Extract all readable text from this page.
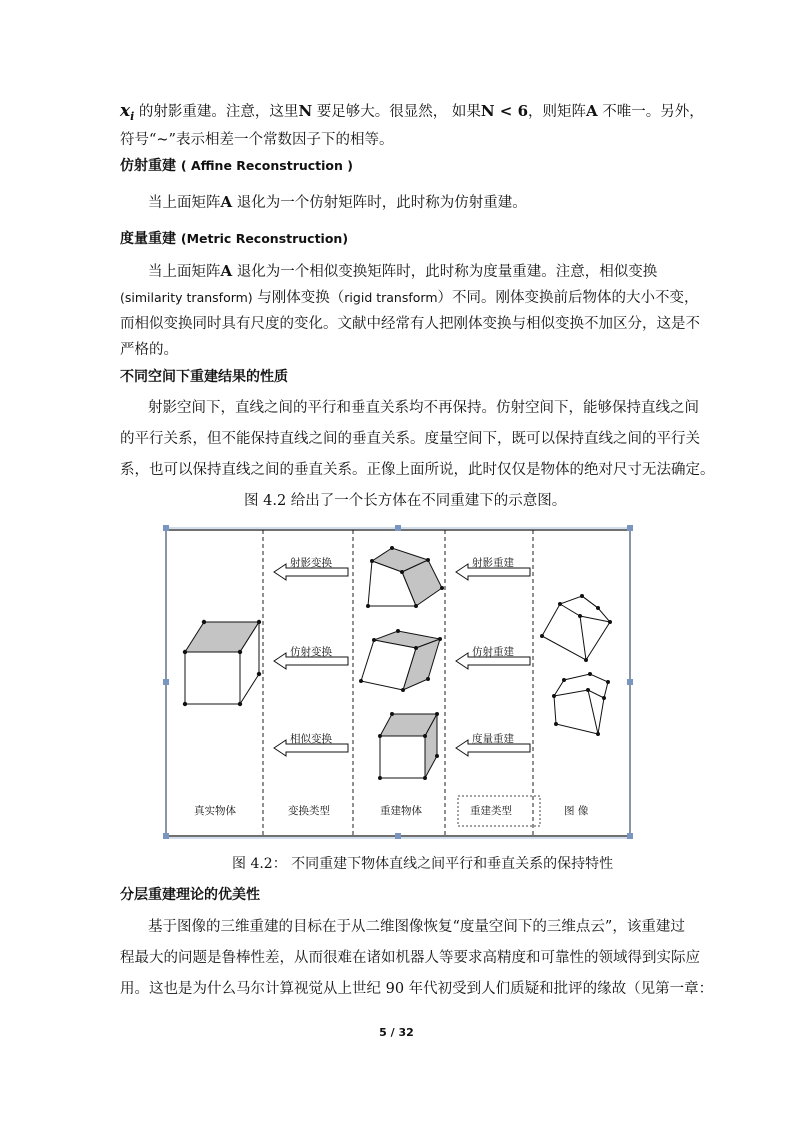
$x_i$ 的射影重建。注意，这里N 要足够大。很显然， 如果N < 6，则矩阵A 不唯一。另外，
符号“~”表示相差一个常数因子下的相等。
仿射重建 ( Affine Reconstruction )
当上面矩阵A 退化为一个仿射矩阵时，此时称为仿射重建。
度量重建 (Metric Reconstruction)
当上面矩阵A 退化为一个相似变换矩阵时，此时称为度量重建。注意，相似变换
(similarity transform) 与刚体变换（rigid transform）不同。刚体变换前后物体的大小不变，
而相似变换同时具有尺度的变化。文献中经常有人把刚体变换与相似变换不加区分，这是不
严格的。
不同空间下重建结果的性质
射影空间下，直线之间的平行和垂直关系均不再保持。仿射空间下，能够保持直线之间
的平行关系，但不能保持直线之间的垂直关系。度量空间下，既可以保持直线之间的平行关
系，也可以保持直线之间的垂直关系。正像上面所说，此时仅仅是物体的绝对尺寸无法确定。
图 4.2 给出了一个长方体在不同重建下的示意图。
射影变换
仿射变换
相似变换
射影重建
仿射重建
度量重建
真实物体	变换类型	重建物体	重建类型	图 像
图 4.2： 不同重建下物体直线之间平行和垂直关系的保持特性
分层重建理论的优美性
基于图像的三维重建的目标在于从二维图像恢复“度量空间下的三维点云”，该重建过
程最大的问题是鲁棒性差，从而很难在诸如机器人等要求高精度和可靠性的领域得到实际应
用。这也是为什么马尔计算视觉从上世纪 90 年代初受到人们质疑和批评的缘故（见第一章：
5 / 32
